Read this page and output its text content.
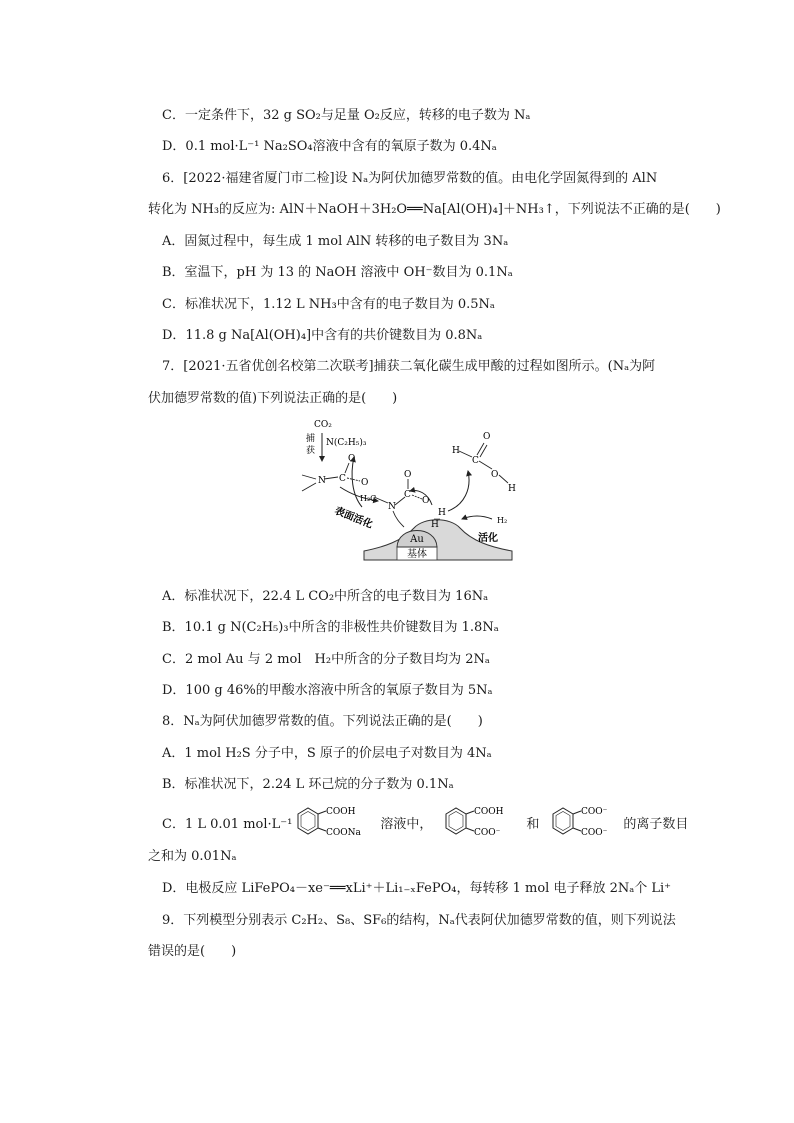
C．一定条件下，32 g SO₂与足量 O₂反应，转移的电子数为 Nₐ
D．0.1 mol·L⁻¹ Na₂SO₄溶液中含有的氧原子数为 0.4Nₐ
6．[2022·福建省厦门市二检]设 Nₐ为阿伏加德罗常数的值。由电化学固氮得到的 AlN
转化为 NH₃的反应为: AlN＋NaOH＋3H₂O══Na[Al(OH)₄]＋NH₃↑，下列说法不正确的是(　　)
A．固氮过程中，每生成 1 mol AlN 转移的电子数目为 3Nₐ
B．室温下，pH 为 13 的 NaOH 溶液中 OH⁻数目为 0.1Nₐ
C．标准状况下，1.12 L NH₃中含有的电子数目为 0.5Nₐ
D．11.8 g Na[Al(OH)₄]中含有的共价键数目为 0.8Nₐ
7．[2021·五省优创名校第二次联考]捕获二氧化碳生成甲酸的过程如图所示。(Nₐ为阿
伏加德罗常数的值)下列说法正确的是(　　)
基体
Au
CO₂
捕
获
N(C₂H₅)₃
N C
O
O
表面活化
H₂C
N
C
O
O
H
H
H
C
O
O
H
H₂
活化
A．标准状况下，22.4 L CO₂中所含的电子数目为 16Nₐ
B．10.1 g N(C₂H₅)₃中所含的非极性共价键数目为 1.8Nₐ
C．2 mol Au 与 2 mol　H₂中所含的分子数目均为 2Nₐ
D．100 g 46%的甲酸水溶液中所含的氧原子数目为 5Nₐ
8．Nₐ为阿伏加德罗常数的值。下列说法正确的是(　　)
A．1 mol H₂S 分子中，S 原子的价层电子对数目为 4Nₐ
B．标准状况下，2.24 L 环己烷的分子数为 0.1Nₐ
C．1 L 0.01 mol·L⁻¹
COOH
COONa
溶液中，
COOH
COO⁻
和
COO⁻
COO⁻
的离子数目
之和为 0.01Nₐ
D．电极反应 LiFePO₄－xe⁻══xLi⁺＋Li₁₋ₓFePO₄，每转移 1 mol 电子释放 2Nₐ个 Li⁺
9．下列模型分别表示 C₂H₂、S₈、SF₆的结构，Nₐ代表阿伏加德罗常数的值，则下列说法
错误的是(　　)
